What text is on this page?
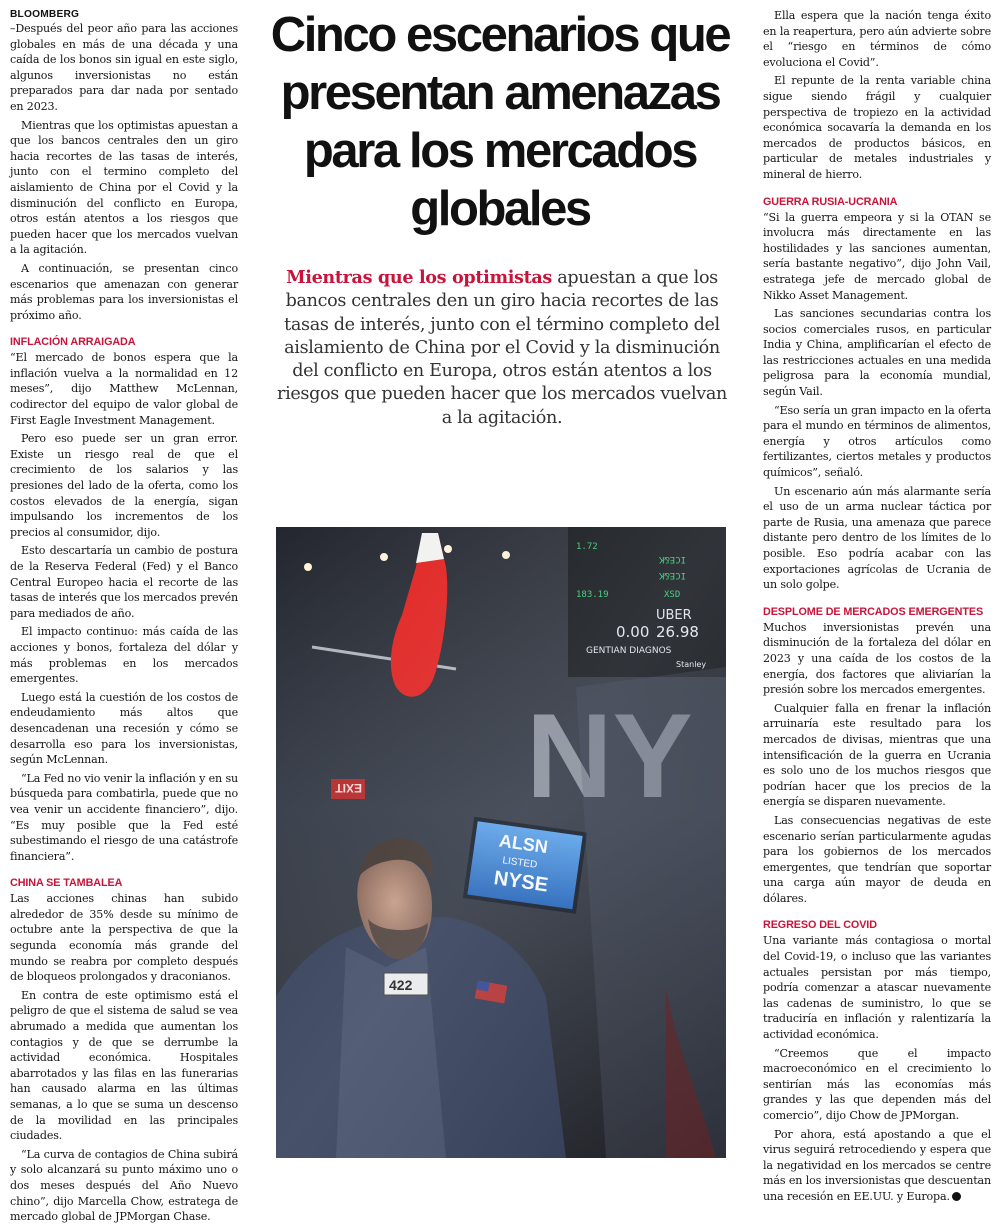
BLOOMBERG

–Después del peor año para las acciones globales en más de una década y una caída de los bonos sin igual en este siglo, algunos inversionistas no están preparados para dar nada por sentado en 2023.

Mientras que los optimistas apuestan a que los bancos centrales den un giro hacia recortes de las tasas de interés, junto con el termino completo del aislamiento de China por el Covid y la disminución del conflicto en Europa, otros están atentos a los riesgos que pueden hacer que los mercados vuelvan a la agitación.

A continuación, se presentan cinco escenarios que amenazan con generar más problemas para los inversionistas el próximo año.

INFLACIÓN ARRAIGADA

“El mercado de bonos espera que la inflación vuelva a la normalidad en 12 meses”, dijo Matthew McLennan, codirector del equipo de valor global de First Eagle Investment Management.

Pero eso puede ser un gran error. Existe un riesgo real de que el crecimiento de los salarios y las presiones del lado de la oferta, como los costos elevados de la energía, sigan impulsando los incrementos de los precios al consumidor, dijo.

Esto descartaría un cambio de postura de la Reserva Federal (Fed) y el Banco Central Europeo hacia el recorte de las tasas de interés que los mercados prevén para mediados de año.

El impacto continuo: más caída de las acciones y bonos, fortaleza del dólar y más problemas en los mercados emergentes.

Luego está la cuestión de los costos de endeudamiento más altos que desencadenan una recesión y cómo se desarrolla eso para los inversionistas, según McLennan.

“La Fed no vio venir la inflación y en su búsqueda para combatirla, puede que no vea venir un accidente financiero”, dijo. “Es muy posible que la Fed esté subestimando el riesgo de una catástrofe financiera”.

CHINA SE TAMBALEA

Las acciones chinas han subido alrededor de 35% desde su mínimo de octubre ante la perspectiva de que la segunda economía más grande del mundo se reabra por completo después de bloqueos prolongados y draconianos.

En contra de este optimismo está el peligro de que el sistema de salud se vea abrumado a medida que aumentan los contagios y de que se derrumbe la actividad económica. Hospitales abarrotados y las filas en las funerarias han causado alarma en las últimas semanas, a lo que se suma un descenso de la movilidad en las principales ciudades.

“La curva de contagios de China subirá y solo alcanzará su punto máximo uno o dos meses después del Año Nuevo chino”, dijo Marcella Chow, estratega de mercado global de JPMorgan Chase.

Cinco escenarios que presentan amenazas para los mercados globales

Mientras que los optimistas apuestan a que los bancos centrales den un giro hacia recortes de las tasas de interés, junto con el término completo del aislamiento de China por el Covid y la disminución del conflicto en Europa, otros están atentos a los riesgos que pueden hacer que los mercados vuelvan a la agitación.

Ella espera que la nación tenga éxito en la reapertura, pero aún advierte sobre el “riesgo en términos de cómo evoluciona el Covid”.

El repunte de la renta variable china sigue siendo frágil y cualquier perspectiva de tropiezo en la actividad económica socavaría la demanda en los mercados de productos básicos, en particular de metales industriales y mineral de hierro.

GUERRA RUSIA-UCRANIA

“Si la guerra empeora y si la OTAN se involucra más directamente en las hostilidades y las sanciones aumentan, sería bastante negativo”, dijo John Vail, estratega jefe de mercado global de Nikko Asset Management.

Las sanciones secundarias contra los socios comerciales rusos, en particular India y China, amplificarían el efecto de las restricciones actuales en una medida peligrosa para la economía mundial, según Vail.

“Eso sería un gran impacto en la oferta para el mundo en términos de alimentos, energía y otros artículos como fertilizantes, ciertos metales y productos químicos”, señaló.

Un escenario aún más alarmante sería el uso de un arma nuclear táctica por parte de Rusia, una amenaza que parece distante pero dentro de los límites de lo posible. Eso podría acabar con las exportaciones agrícolas de Ucrania de un solo golpe.

DESPLOME DE MERCADOS EMERGENTES

Muchos inversionistas prevén una disminución de la fortaleza del dólar en 2023 y una caída de los costos de la energía, dos factores que aliviarían la presión sobre los mercados emergentes.

Cualquier falla en frenar la inflación arruinaría este resultado para los mercados de divisas, mientras que una intensificación de la guerra en Ucrania es solo uno de los muchos riesgos que podrían hacer que los precios de la energía se disparen nuevamente.

Las consecuencias negativas de este escenario serían particularmente agudas para los gobiernos de los mercados emergentes, que tendrían que soportar una carga aún mayor de deuda en dólares.

REGRESO DEL COVID

Una variante más contagiosa o mortal del Covid-19, o incluso que las variantes actuales persistan por más tiempo, podría comenzar a atascar nuevamente las cadenas de suministro, lo que se traduciría en inflación y ralentizaría la actividad económica.

“Creemos que el impacto macroeconómico en el crecimiento lo sentirían más las economías más grandes y las que dependen más del comercio”, dijo Chow de JPMorgan.

Por ahora, está apostando a que el virus seguirá retrocediendo y espera que la negatividad en los mercados se centre más en los inversionistas que descuentan una recesión en EE.UU. y Europa. P
